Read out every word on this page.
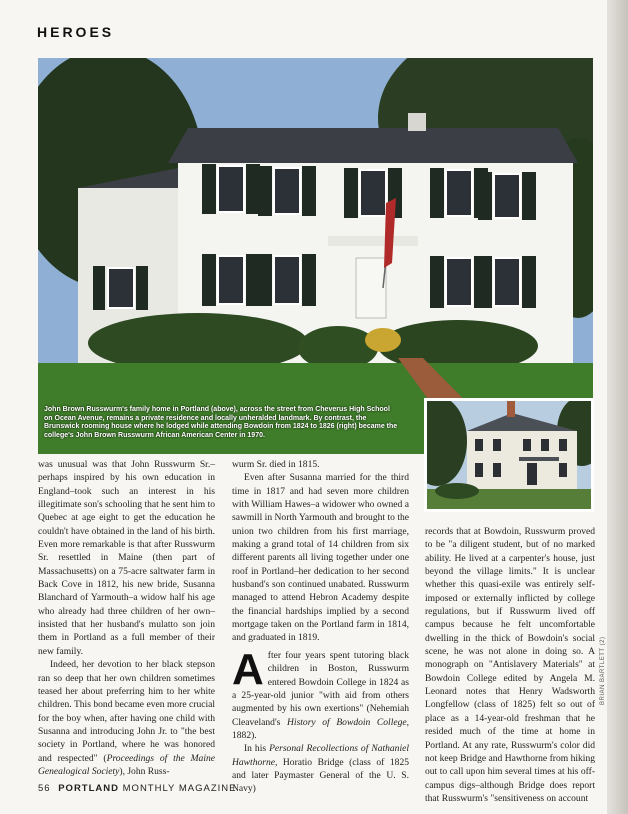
HEROES
John Brown Russwurm's family home in Portland (above), across the street from Cheverus High School on Ocean Avenue, remains a private residence and locally unheralded landmark. By contrast, the Brunswick rooming house where he lodged while attending Bowdoin from 1824 to 1826 (right) became the college's John Brown Russwurm African American Center in 1970.

was unusual was that John Russwurm Sr.–perhaps inspired by his own education in England–took such an interest in his illegitimate son's schooling that he sent him to Quebec at age eight to get the education he couldn't have obtained in the land of his birth. Even more remarkable is that after Russwurm Sr. resettled in Maine (then part of Massachusetts) on a 75-acre saltwater farm in Back Cove in 1812, his new bride, Susanna Blanchard of Yarmouth–a widow half his age who already had three children of her own–insisted that her husband's mulatto son join them in Portland as a full member of their new family.

Indeed, her devotion to her black stepson ran so deep that her own children sometimes teased her about preferring him to her white children. This bond became even more crucial for the boy when, after having one child with Susanna and introducing John Jr. to "the best society in Portland, where he was honored and respected" (Proceedings of the Maine Genealogical Society), John Russ-

wurm Sr. died in 1815.

Even after Susanna married for the third time in 1817 and had seven more children with William Hawes–a widower who owned a sawmill in North Yarmouth and brought to the union two children from his first marriage, making a grand total of 14 children from six different parents all living together under one roof in Portland–her dedication to her second husband's son continued unabated. Russwurm managed to attend Hebron Academy despite the financial hardships implied by a second mortgage taken on the Portland farm in 1814, and graduated in 1819.

After four years spent tutoring black children in Boston, Russwurm entered Bowdoin College in 1824 as a 25-year-old junior "with aid from others augmented by his own exertions" (Nehemiah Cleaveland's History of Bowdoin College, 1882).

In his Personal Recollections of Nathaniel Hawthorne, Horatio Bridge (class of 1825 and later Paymaster General of the U. S. Navy)

records that at Bowdoin, Russwurm proved to be "a diligent student, but of no marked ability. He lived at a carpenter's house, just beyond the village limits." It is unclear whether this quasi-exile was entirely self-imposed or externally inflicted by college regulations, but if Russwurm lived off campus because he felt uncomfortable dwelling in the thick of Bowdoin's social scene, he was not alone in doing so. A monograph on "Antislavery Materials" at Bowdoin College edited by Angela M. Leonard notes that Henry Wadsworth Longfellow (class of 1825) felt so out of place as a 14-year-old freshman that he resided much of the time at home in Portland. At any rate, Russwurm's color did not keep Bridge and Hawthorne from hiking out to call upon him several times at his off-campus digs–although Bridge does report that Russwurm's "sensitiveness on account

56 PORTLAND MONTHLY MAGAZINE
BRIAN BARTLETT (2)
